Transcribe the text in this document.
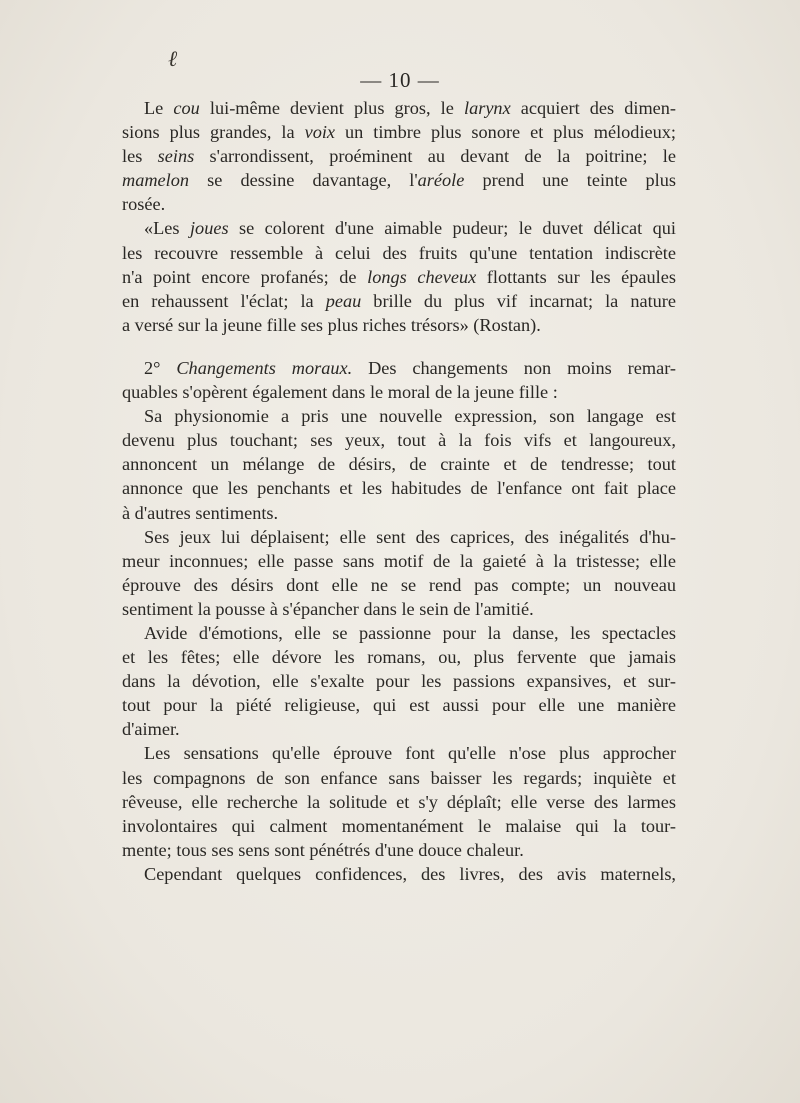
ℓ
— 10 —
Le cou lui-même devient plus gros, le larynx acquiert des dimen-
sions plus grandes, la voix un timbre plus sonore et plus mélodieux;
les seins s'arrondissent, proéminent au devant de la poitrine; le
mamelon se dessine davantage, l'aréole prend une teinte plus
rosée.
«Les joues se colorent d'une aimable pudeur; le duvet délicat qui
les recouvre ressemble à celui des fruits qu'une tentation indiscrète
n'a point encore profanés; de longs cheveux flottants sur les épaules
en rehaussent l'éclat; la peau brille du plus vif incarnat; la nature
a versé sur la jeune fille ses plus riches trésors» (Rostan).
2° Changements moraux. Des changements non moins remar-
quables s'opèrent également dans le moral de la jeune fille :
Sa physionomie a pris une nouvelle expression, son langage est
devenu plus touchant; ses yeux, tout à la fois vifs et langoureux,
annoncent un mélange de désirs, de crainte et de tendresse; tout
annonce que les penchants et les habitudes de l'enfance ont fait place
à d'autres sentiments.
Ses jeux lui déplaisent; elle sent des caprices, des inégalités d'hu-
meur inconnues; elle passe sans motif de la gaieté à la tristesse; elle
éprouve des désirs dont elle ne se rend pas compte; un nouveau
sentiment la pousse à s'épancher dans le sein de l'amitié.
Avide d'émotions, elle se passionne pour la danse, les spectacles
et les fêtes; elle dévore les romans, ou, plus fervente que jamais
dans la dévotion, elle s'exalte pour les passions expansives, et sur-
tout pour la piété religieuse, qui est aussi pour elle une manière
d'aimer.
Les sensations qu'elle éprouve font qu'elle n'ose plus approcher
les compagnons de son enfance sans baisser les regards; inquiète et
rêveuse, elle recherche la solitude et s'y déplaît; elle verse des larmes
involontaires qui calment momentanément le malaise qui la tour-
mente; tous ses sens sont pénétrés d'une douce chaleur.
Cependant quelques confidences, des livres, des avis maternels,
